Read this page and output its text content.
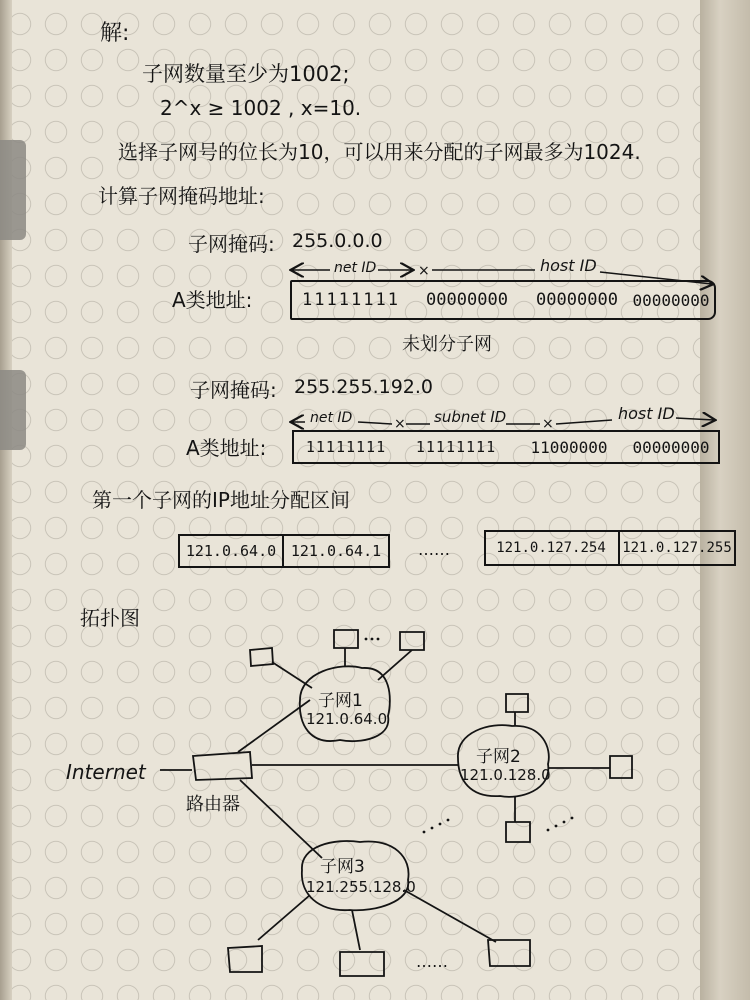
解:
子网数量至少为1002;
2^x ≥ 1002 , x=10.
选择子网号的位长为10，可以用来分配的子网最多为1024.
计算子网掩码地址:
子网掩码: 255.0.0.0
×
×	×
net ID	host ID
A类地址:	11111111	00000000	00000000 00000000
未划分子网
子网掩码: 255.255.192.0
net ID	subnet ID	host ID
A类地址:	11111111	11111111	11000000	00000000
第一个子网的IP地址分配区间
121.0.64.0 121.0.64.1	……	121.0.127.254	121.0.127.255
拓扑图
Internet
路由器
子网1
121.0.64.0
子网2
121.0.128.0
子网3
121.255.128.0
……
